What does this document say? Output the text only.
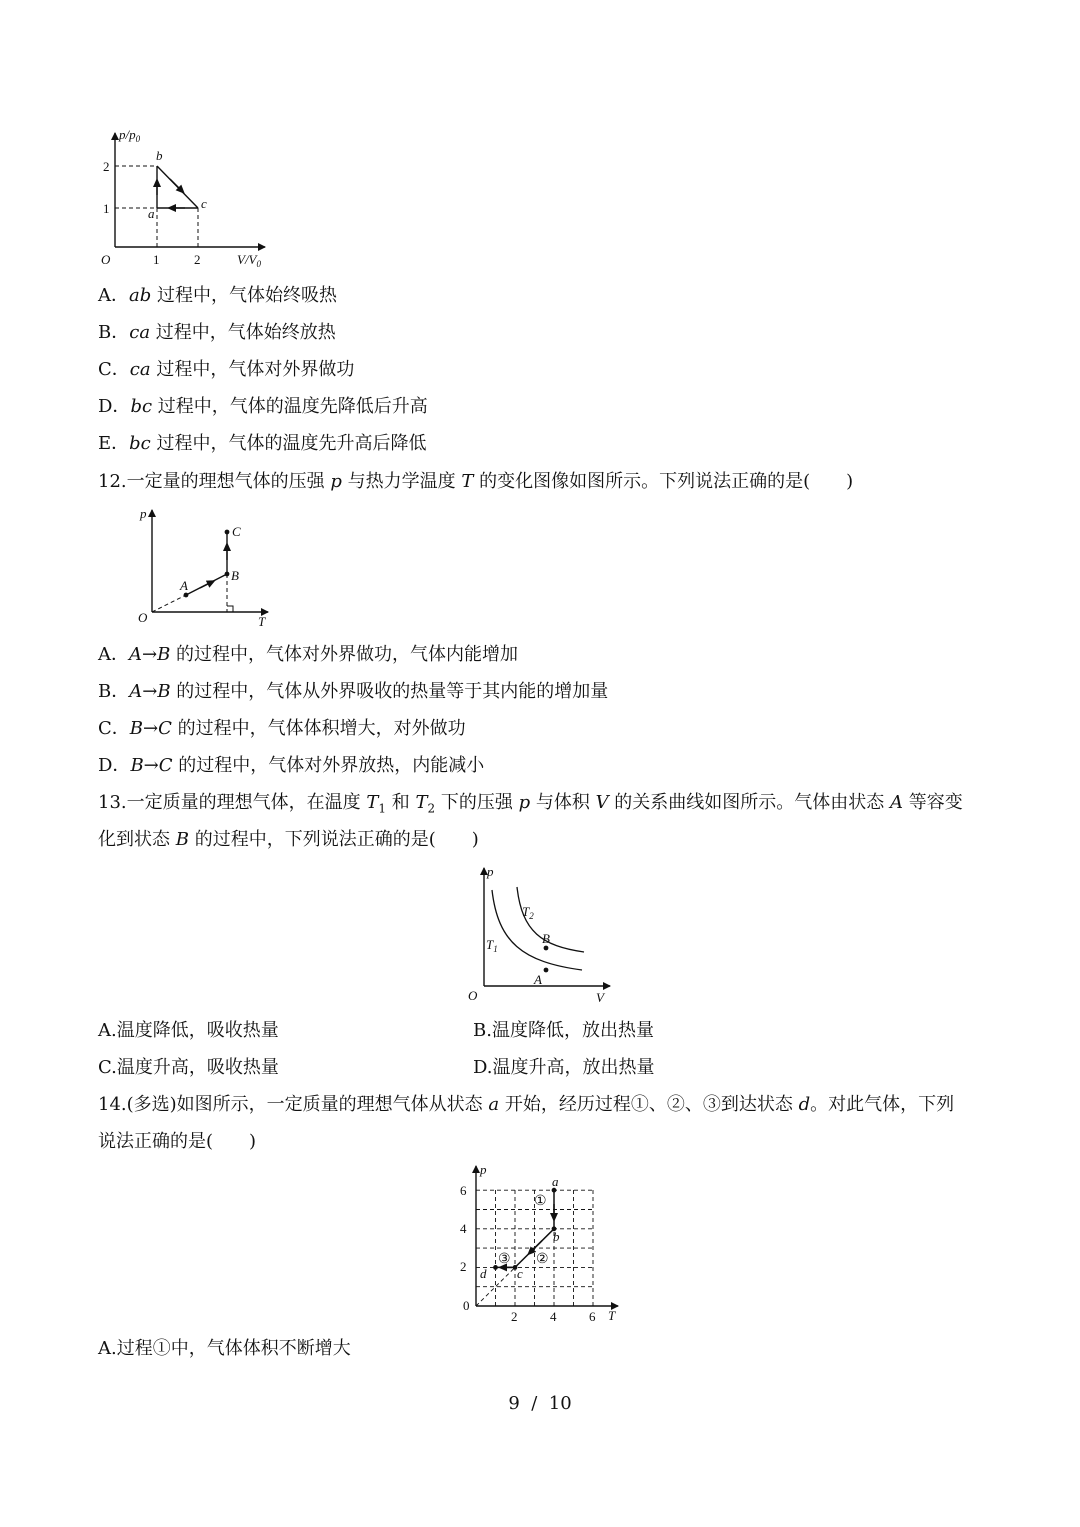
$p/p_0$
2
1
O	1	2	$V/V_0$
a
b
c
A．ab 过程中，气体始终吸热
B．ca 过程中，气体始终放热
C．ca 过程中，气体对外界做功
D．bc 过程中，气体的温度先降低后升高
E．bc 过程中，气体的温度先升高后降低
12.一定量的理想气体的压强 p 与热力学温度 T 的变化图像如图所示。下列说法正确的是(　　)
p
O	T
A
B
C
A．A→B 的过程中，气体对外界做功，气体内能增加
B．A→B 的过程中，气体从外界吸收的热量等于其内能的增加量
C．B→C 的过程中，气体体积增大，对外做功
D．B→C 的过程中，气体对外界放热，内能减小
13.一定质量的理想气体，在温度 $T_1$ 和 $T_2$ 下的压强 p 与体积 V 的关系曲线如图所示。气体由状态 A 等容变
化到状态 B 的过程中，下列说法正确的是(　　)
p
O	V
$T_1$
$T_2$
A
B
A.温度降低，吸收热量	B.温度降低，放出热量
C.温度升高，吸收热量	D.温度升高，放出热量
14.(多选)如图所示，一定质量的理想气体从状态 a 开始，经历过程①、②、③到达状态 d。对此气体，下列
说法正确的是(　　)
p
6
4
2
0
2	4	6 T
a
b
c
d
①
②
③
A.过程①中，气体体积不断增大
9  /  10
